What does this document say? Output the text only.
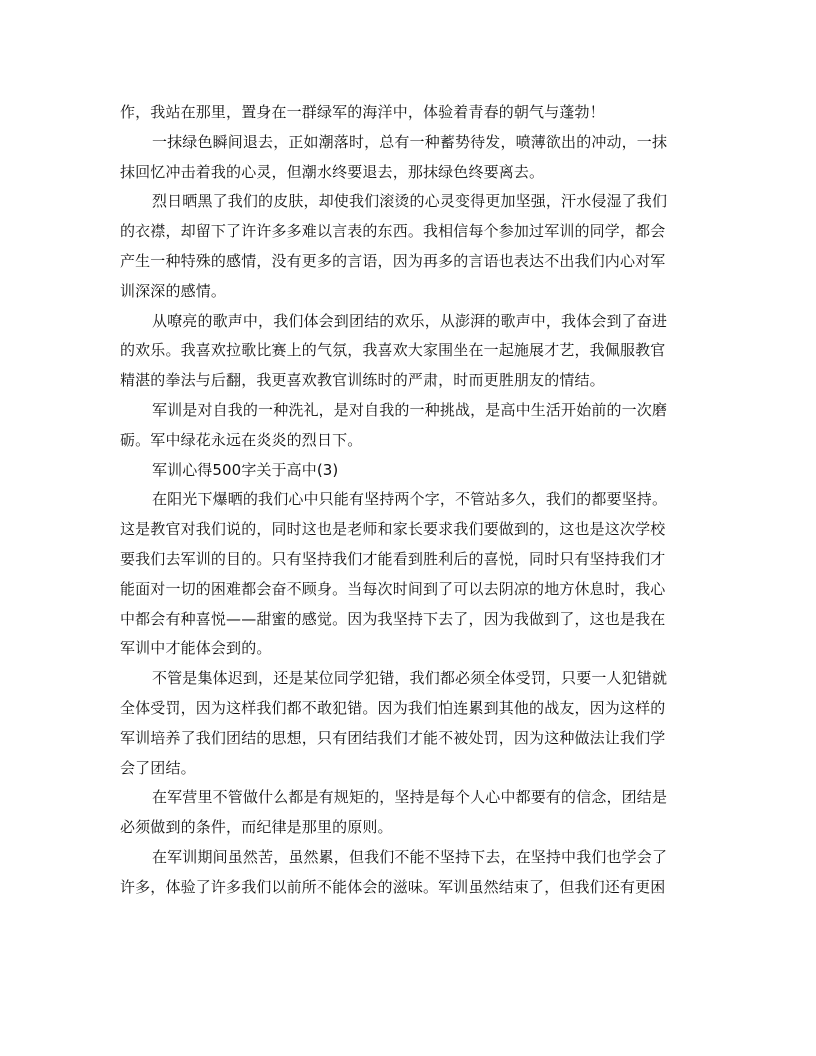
作，我站在那里，置身在一群绿军的海洋中，体验着青春的朝气与蓬勃！
一抹绿色瞬间退去，正如潮落时，总有一种蓄势待发，喷薄欲出的冲动，一抹
抹回忆冲击着我的心灵，但潮水终要退去，那抹绿色终要离去。
烈日晒黑了我们的皮肤，却使我们滚烫的心灵变得更加坚强，汗水侵湿了我们
的衣襟，却留下了许许多多难以言表的东西。我相信每个参加过军训的同学，都会
产生一种特殊的感情，没有更多的言语，因为再多的言语也表达不出我们内心对军
训深深的感情。
从嘹亮的歌声中，我们体会到团结的欢乐，从澎湃的歌声中，我体会到了奋进
的欢乐。我喜欢拉歌比赛上的气氛，我喜欢大家围坐在一起施展才艺，我佩服教官
精湛的拳法与后翻，我更喜欢教官训练时的严肃，时而更胜朋友的情结。
军训是对自我的一种洗礼，是对自我的一种挑战，是高中生活开始前的一次磨
砺。军中绿花永远在炎炎的烈日下。
军训心得500字关于高中(3)
在阳光下爆晒的我们心中只能有坚持两个字，不管站多久，我们的都要坚持。
这是教官对我们说的，同时这也是老师和家长要求我们要做到的，这也是这次学校
要我们去军训的目的。只有坚持我们才能看到胜利后的喜悦，同时只有坚持我们才
能面对一切的困难都会奋不顾身。当每次时间到了可以去阴凉的地方休息时，我心
中都会有种喜悦——甜蜜的感觉。因为我坚持下去了，因为我做到了，这也是我在
军训中才能体会到的。
不管是集体迟到，还是某位同学犯错，我们都必须全体受罚，只要一人犯错就
全体受罚，因为这样我们都不敢犯错。因为我们怕连累到其他的战友，因为这样的
军训培养了我们团结的思想，只有团结我们才能不被处罚，因为这种做法让我们学
会了团结。
在军营里不管做什么都是有规矩的，坚持是每个人心中都要有的信念，团结是
必须做到的条件，而纪律是那里的原则。
在军训期间虽然苦，虽然累，但我们不能不坚持下去，在坚持中我们也学会了
许多，体验了许多我们以前所不能体会的滋味。军训虽然结束了，但我们还有更困
